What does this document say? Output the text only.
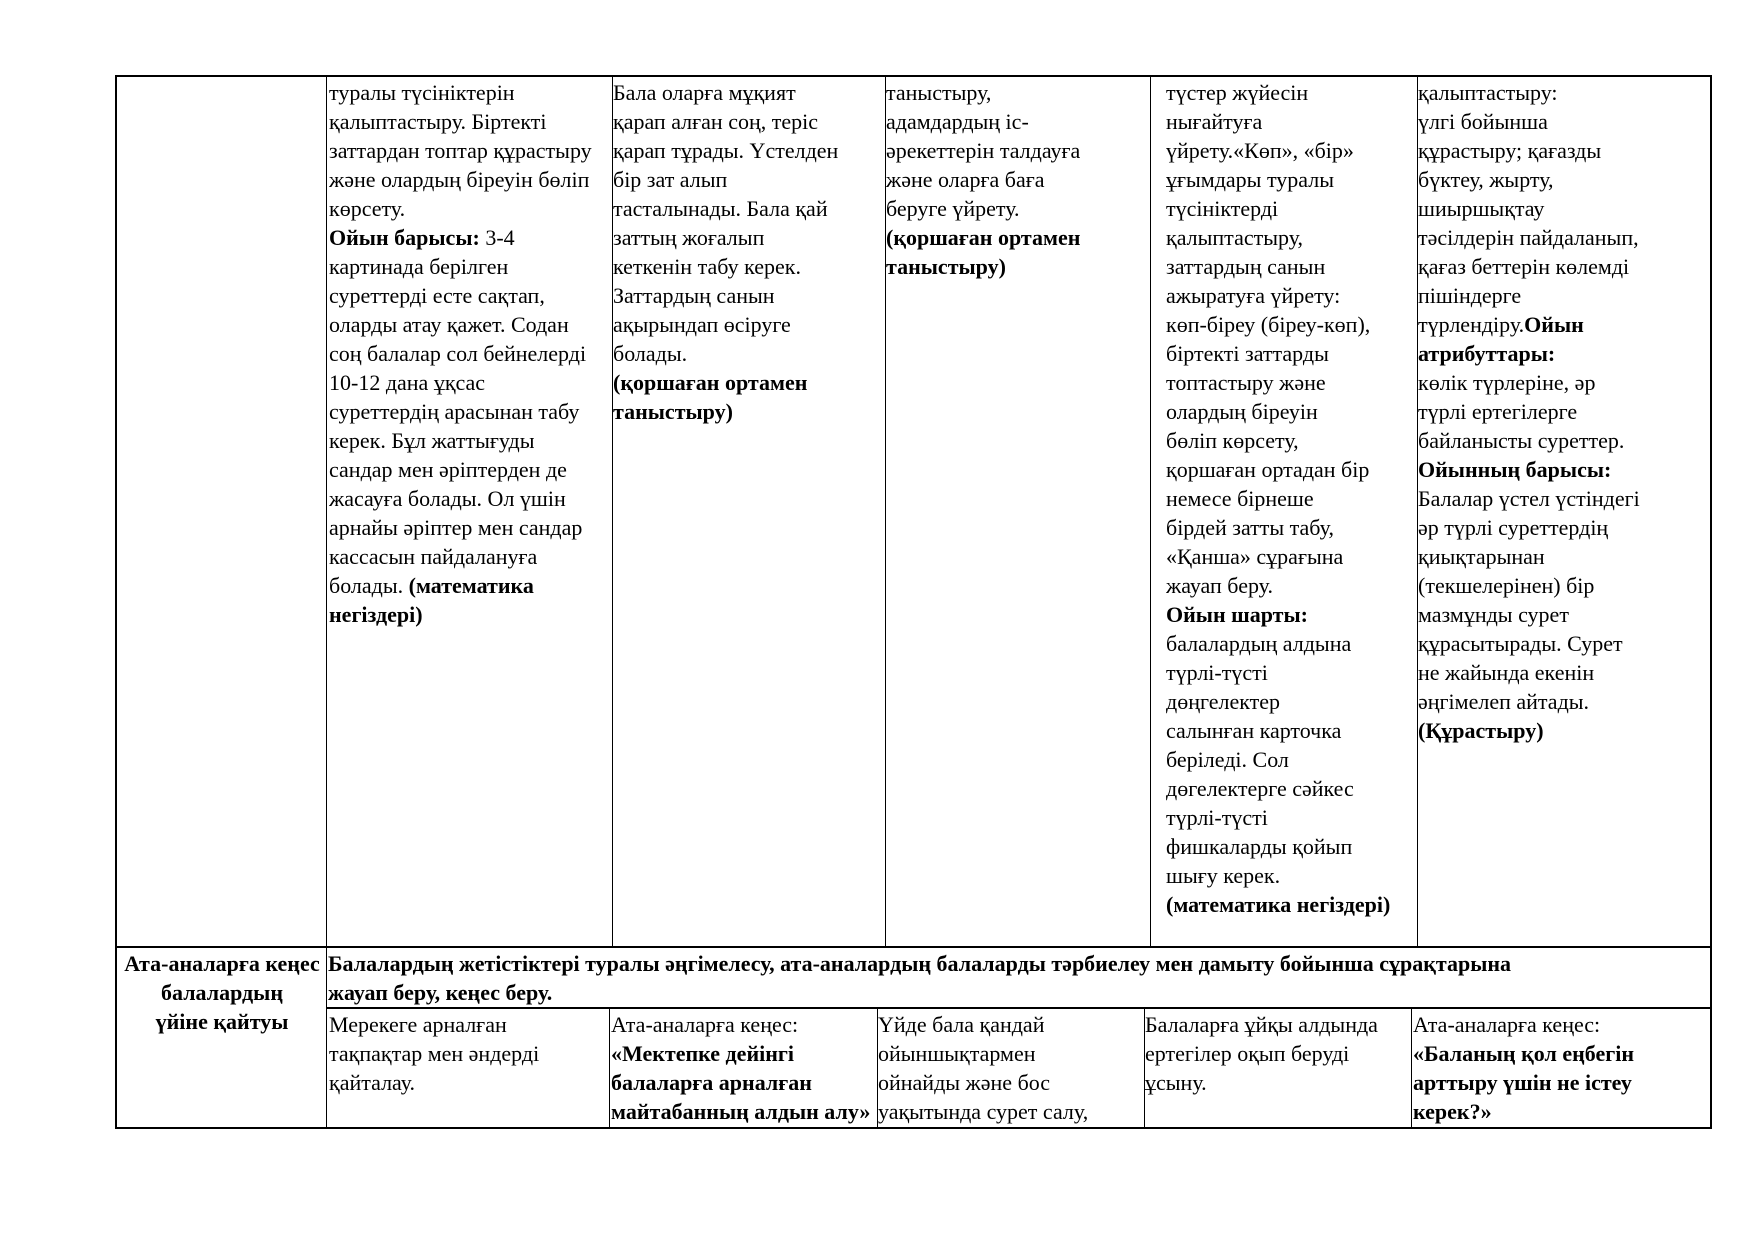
туралы түсініктерін
қалыптастыру. Біртекті
заттардан топтар құрастыру
және олардың біреуін бөліп
көрсету.
Ойын барысы: 3-4
картинада берілген
суреттерді есте сақтап,
оларды атау қажет. Содан
соң балалар сол бейнелерді
10-12 дана ұқсас
суреттердің арасынан табу
керек. Бұл жаттығуды
сандар мен әріптерден де
жасауға болады. Ол үшін
арнайы әріптер мен сандар
кассасын пайдалануға
болады. (математика
негіздері)
Бала оларға мұқият
қарап алған соң, теріс
қарап тұрады. Үстелден
бір зат алып
тасталынады. Бала қай
заттың жоғалып
кеткенін табу керек.
Заттардың санын
ақырындап өсіруге
болады.
(қоршаған ортамен
таныстыру)
таныстыру,
адамдардың іс-
әрекеттерін талдауға
және оларға баға
беруге үйрету.
(қоршаған ортамен
таныстыру)
түстер жүйесін
нығайтуға
үйрету.«Көп», «бір»
ұғымдары туралы
түсініктерді
қалыптастыру,
заттардың санын
ажыратуға үйрету:
көп-біреу (біреу-көп),
біртекті заттарды
топтастыру және
олардың біреуін
бөліп көрсету,
қоршаған ортадан бір
немесе бірнеше
бірдей затты табу,
«Қанша» сұрағына
жауап беру.
Ойын шарты:
балалардың алдына
түрлі-түсті
дөңгелектер
салынған карточка
беріледі. Сол
дөгелектерге сәйкес
түрлі-түсті
фишкаларды қойып
шығу керек.
(математика негіздері)
қалыптастыру:
үлгі бойынша
құрастыру; қағазды
бүктеу, жырту,
шиыршықтау
тәсілдерін пайдаланып,
қағаз беттерін көлемді
пішіндерге
түрлендіру.Ойын
атрибуттары:
көлік түрлеріне, әр
түрлі ертегілерге
байланысты суреттер.
Ойынның барысы:
Балалар үстел үстіндегі
әр түрлі суреттердің
қиықтарынан
(текшелерінен) бір
мазмұнды сурет
құрасытырады. Сурет
не жайында екенін
әңгімелеп айтады.
(Құрастыру)
Ата-аналарға кеңес
балалардың
үйіне қайтуы
Балалардың жетістіктері туралы әңгімелесу, ата-аналардың балаларды тәрбиелеу мен дамыту бойынша сұрақтарына
жауап беру, кеңес беру.
Мерекеге арналған
тақпақтар мен әндерді
қайталау.
Ата-аналарға кеңес:
«Мектепке дейінгі
балаларға арналған
майтабанның алдын алу»
Үйде бала қандай
ойыншықтармен
ойнайды және бос
уақытында сурет салу,
Балаларға ұйқы алдында
ертегілер оқып беруді
ұсыну.
Ата-аналарға кеңес:
«Баланың қол еңбегін
арттыру үшін не істеу
керек?»
